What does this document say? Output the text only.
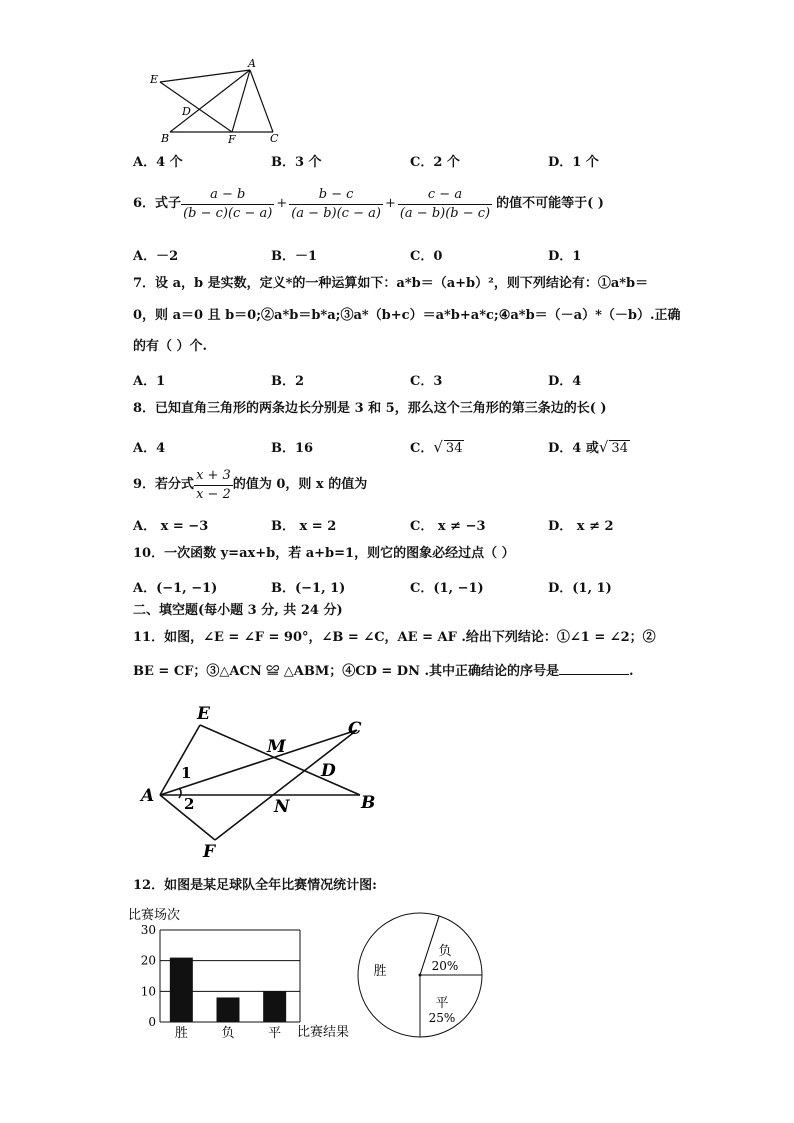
E
A
D
B	F	C
A．4 个	B．3 个	C．2 个	D．1 个
6． 式子 $\frac{a - b}{(b - c)(c - a)} + \frac{b - c}{(a - b)(c - a)} + \frac{c - a}{(a - b)(b - c)}$ 的值不可能等于( )
A．－2	B．－1	C．0	D．1
7．设 a，b 是实数，定义*的一种运算如下：a*b＝（a+b）²，则下列结论有：①a*b＝
0，则 a＝0 且 b＝0;②a*b＝b*a;③a*（b+c）＝a*b+a*c;④a*b＝（－a）*（－b）.正确
的有（ ）个.
A．1	B．2	C．3	D．4
8．已知直角三角形的两条边长分别是 3 和 5，那么这个三角形的第三条边的长( )
A．4	B．16	C．√ 34	D．4 或√ 34
9． 若分式 $\frac{x + 3}{x - 2}$ 的值为 0，则 x 的值为
A． x = −3	B． x = 2	C． x ≠ −3	D． x ≠ 2
10．一次函数 y=ax+b，若 a+b=1，则它的图象必经过点（ ）
A．(−1, −1)	B．(−1, 1)	C．(1, −1)	D．(1, 1)
二、填空题(每小题 3 分, 共 24 分)
11．如图，∠E = ∠F = 90°，∠B = ∠C，AE = AF .给出下列结论：①∠1 = ∠2；②
BE = CF；③△ACN ≌ △ABM；④CD = DN .其中正确结论的序号是	.
E
M
C
1	D
A 2	N	B
F
12．如图是某足球队全年比赛情况统计图:
比赛场次
0
10
20
30
胜	负	平 比赛结果
胜
负
20%
平
25%
